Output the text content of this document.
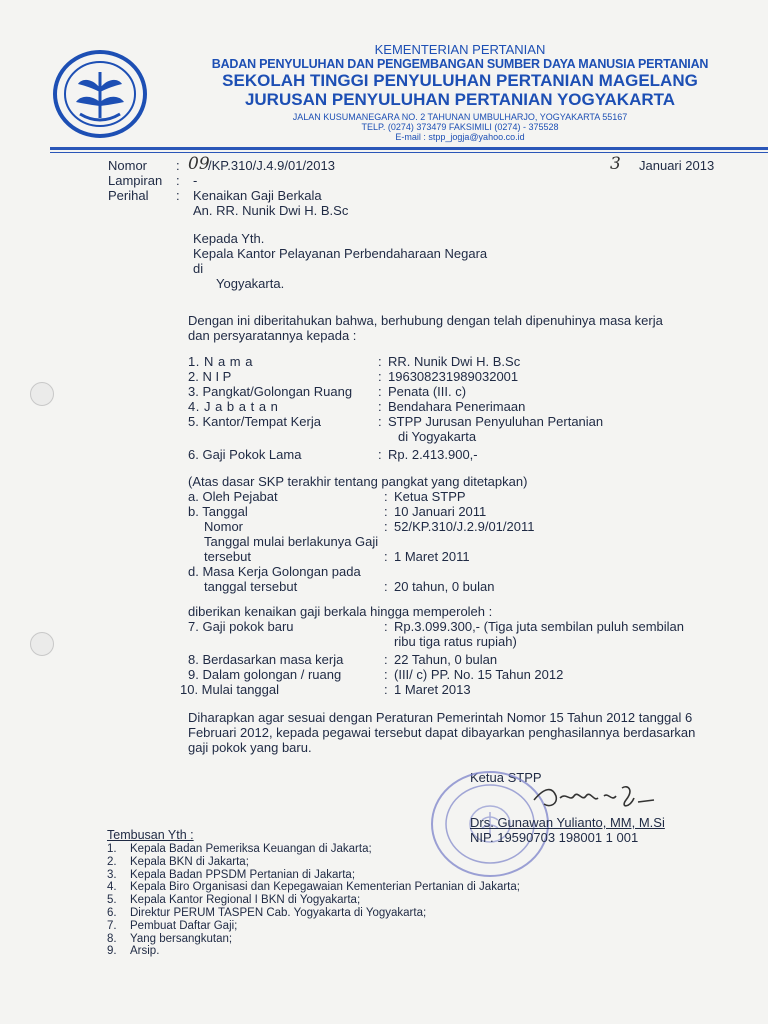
KEMENTERIAN PERTANIAN
BADAN PENYULUHAN DAN PENGEMBANGAN SUMBER DAYA MANUSIA PERTANIAN
SEKOLAH TINGGI PENYULUHAN PERTANIAN MAGELANG
JURUSAN PENYULUHAN PERTANIAN YOGYAKARTA
JALAN KUSUMANEGARA NO. 2 TAHUNAN UMBULHARJO, YOGYAKARTA 55167
TELP. (0274) 373479 FAKSIMILI (0274) - 375528
E-mail : stpp_jogja@yahoo.co.id
Nomor : 09
/KP.310/J.4.9/01/2013	3 Januari 2013
Lampiran : -
Perihal : Kenaikan Gaji Berkala
An. RR. Nunik Dwi H. B.Sc
Kepada Yth.
Kepala Kantor Pelayanan Perbendaharaan Negara
di
Yogyakarta.
Dengan ini diberitahukan bahwa, berhubung dengan telah dipenuhinya masa kerja
dan persyaratannya kepada :
1. N a m a	: RR. Nunik Dwi H. B.Sc
2. N I P	: 196308231989032001
3. Pangkat/Golongan Ruang : Penata (III. c)
4. J a b a t a n	: Bendahara Penerimaan
5. Kantor/Tempat Kerja	: STPP Jurusan Penyuluhan Pertanian
di Yogyakarta
6. Gaji Pokok Lama	: Rp. 2.413.900,-
(Atas dasar SKP terakhir tentang pangkat yang ditetapkan)
a. Oleh Pejabat	: Ketua STPP
b. Tanggal	: 10 Januari 2011
Nomor	: 52/KP.310/J.2.9/01/2011
Tanggal mulai berlakunya Gaji
tersebut	: 1 Maret 2011
d. Masa Kerja Golongan pada
tanggal tersebut	: 20 tahun, 0 bulan
diberikan kenaikan gaji berkala hingga memperoleh :
7. Gaji pokok baru	: Rp.3.099.300,- (Tiga juta sembilan puluh sembilan
ribu tiga ratus rupiah)
8. Berdasarkan masa kerja	: 22 Tahun, 0 bulan
9. Dalam golongan / ruang	: (III/ c) PP. No. 15 Tahun 2012
10. Mulai tanggal	: 1 Maret 2013
Diharapkan agar sesuai dengan Peraturan Pemerintah Nomor 15 Tahun 2012 tanggal 6
Februari 2012, kepada pegawai tersebut dapat dibayarkan penghasilannya berdasarkan
gaji pokok yang baru.
Ketua STPP
Drs. Gunawan Yulianto, MM, M.Si
NIP. 19590703 198001 1 001
Tembusan Yth :
1. Kepala Badan Pemeriksa Keuangan di Jakarta;
2. Kepala BKN di Jakarta;
3. Kepala Badan PPSDM Pertanian di Jakarta;
4. Kepala Biro Organisasi dan Kepegawaian Kementerian Pertanian di Jakarta;
5. Kepala Kantor Regional I BKN di Yogyakarta;
6. Direktur PERUM TASPEN Cab. Yogyakarta di Yogyakarta;
7. Pembuat Daftar Gaji;
8. Yang bersangkutan;
9. Arsip.
